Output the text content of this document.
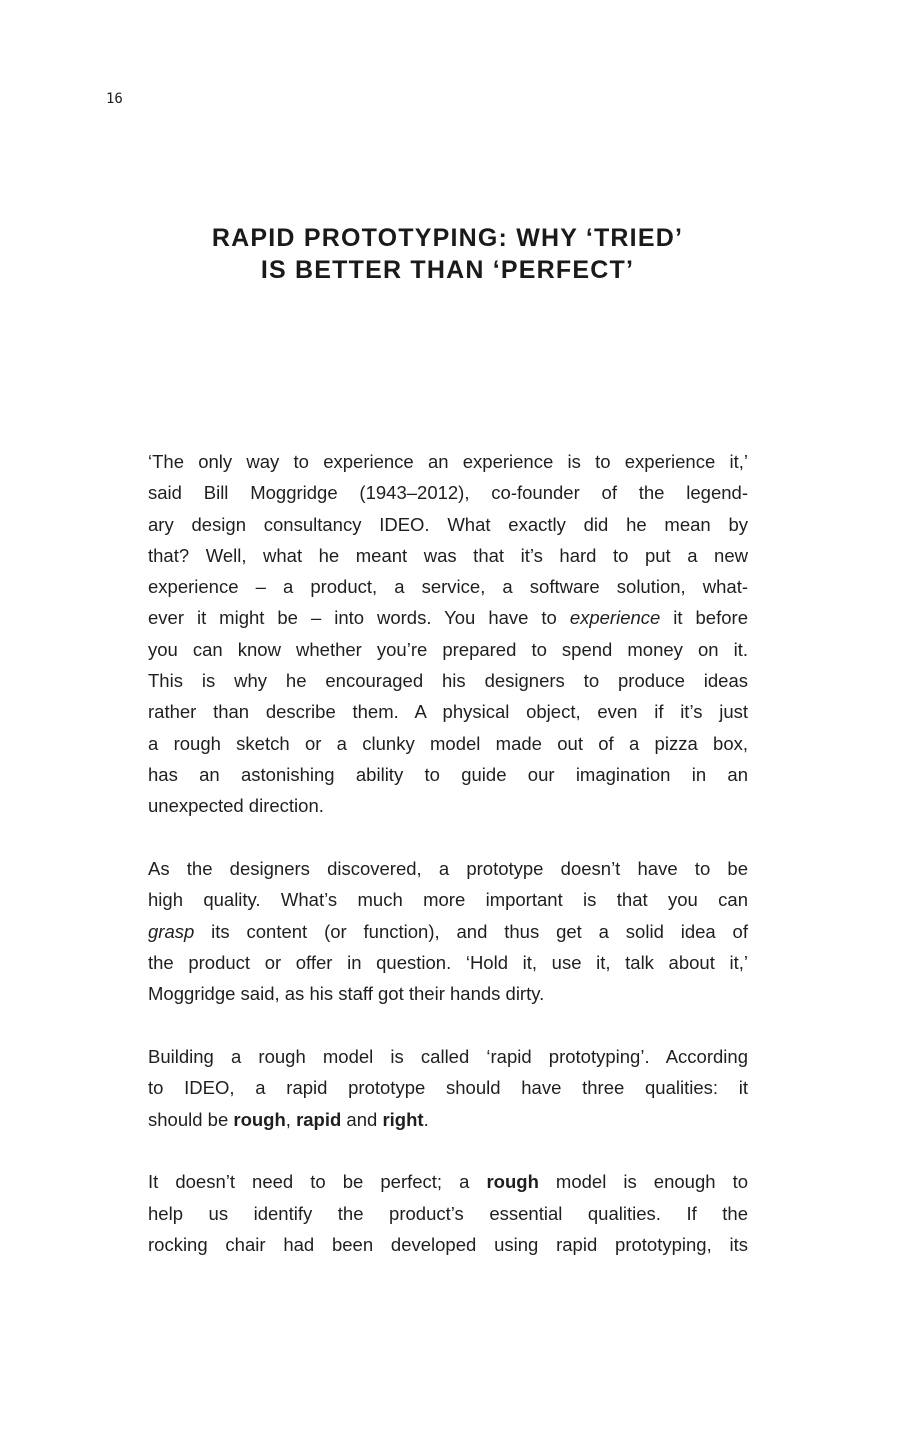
16
RAPID PROTOTYPING: WHY ‘TRIED’
IS BETTER THAN ‘PERFECT’
‘The only way to experience an experience is to experience it,’
said Bill Moggridge (1943–2012), co-founder of the legend-
ary design consultancy IDEO. What exactly did he mean by
that? Well, what he meant was that it’s hard to put a new
experience – a product, a service, a software solution, what-
ever it might be – into words. You have to experience it before
you can know whether you’re prepared to spend money on it.
This is why he encouraged his designers to produce ideas
rather than describe them. A physical object, even if it’s just
a rough sketch or a clunky model made out of a pizza box,
has an astonishing ability to guide our imagination in an
unexpected direction.
As the designers discovered, a prototype doesn’t have to be
high quality. What’s much more important is that you can
grasp its content (or function), and thus get a solid idea of
the product or offer in question. ‘Hold it, use it, talk about it,’
Moggridge said, as his staff got their hands dirty.
Building a rough model is called ‘rapid prototyping’. According
to IDEO, a rapid prototype should have three qualities: it
should be rough, rapid and right.
It doesn’t need to be perfect; a rough model is enough to
help us identify the product’s essential qualities. If the
rocking chair had been developed using rapid prototyping, its
